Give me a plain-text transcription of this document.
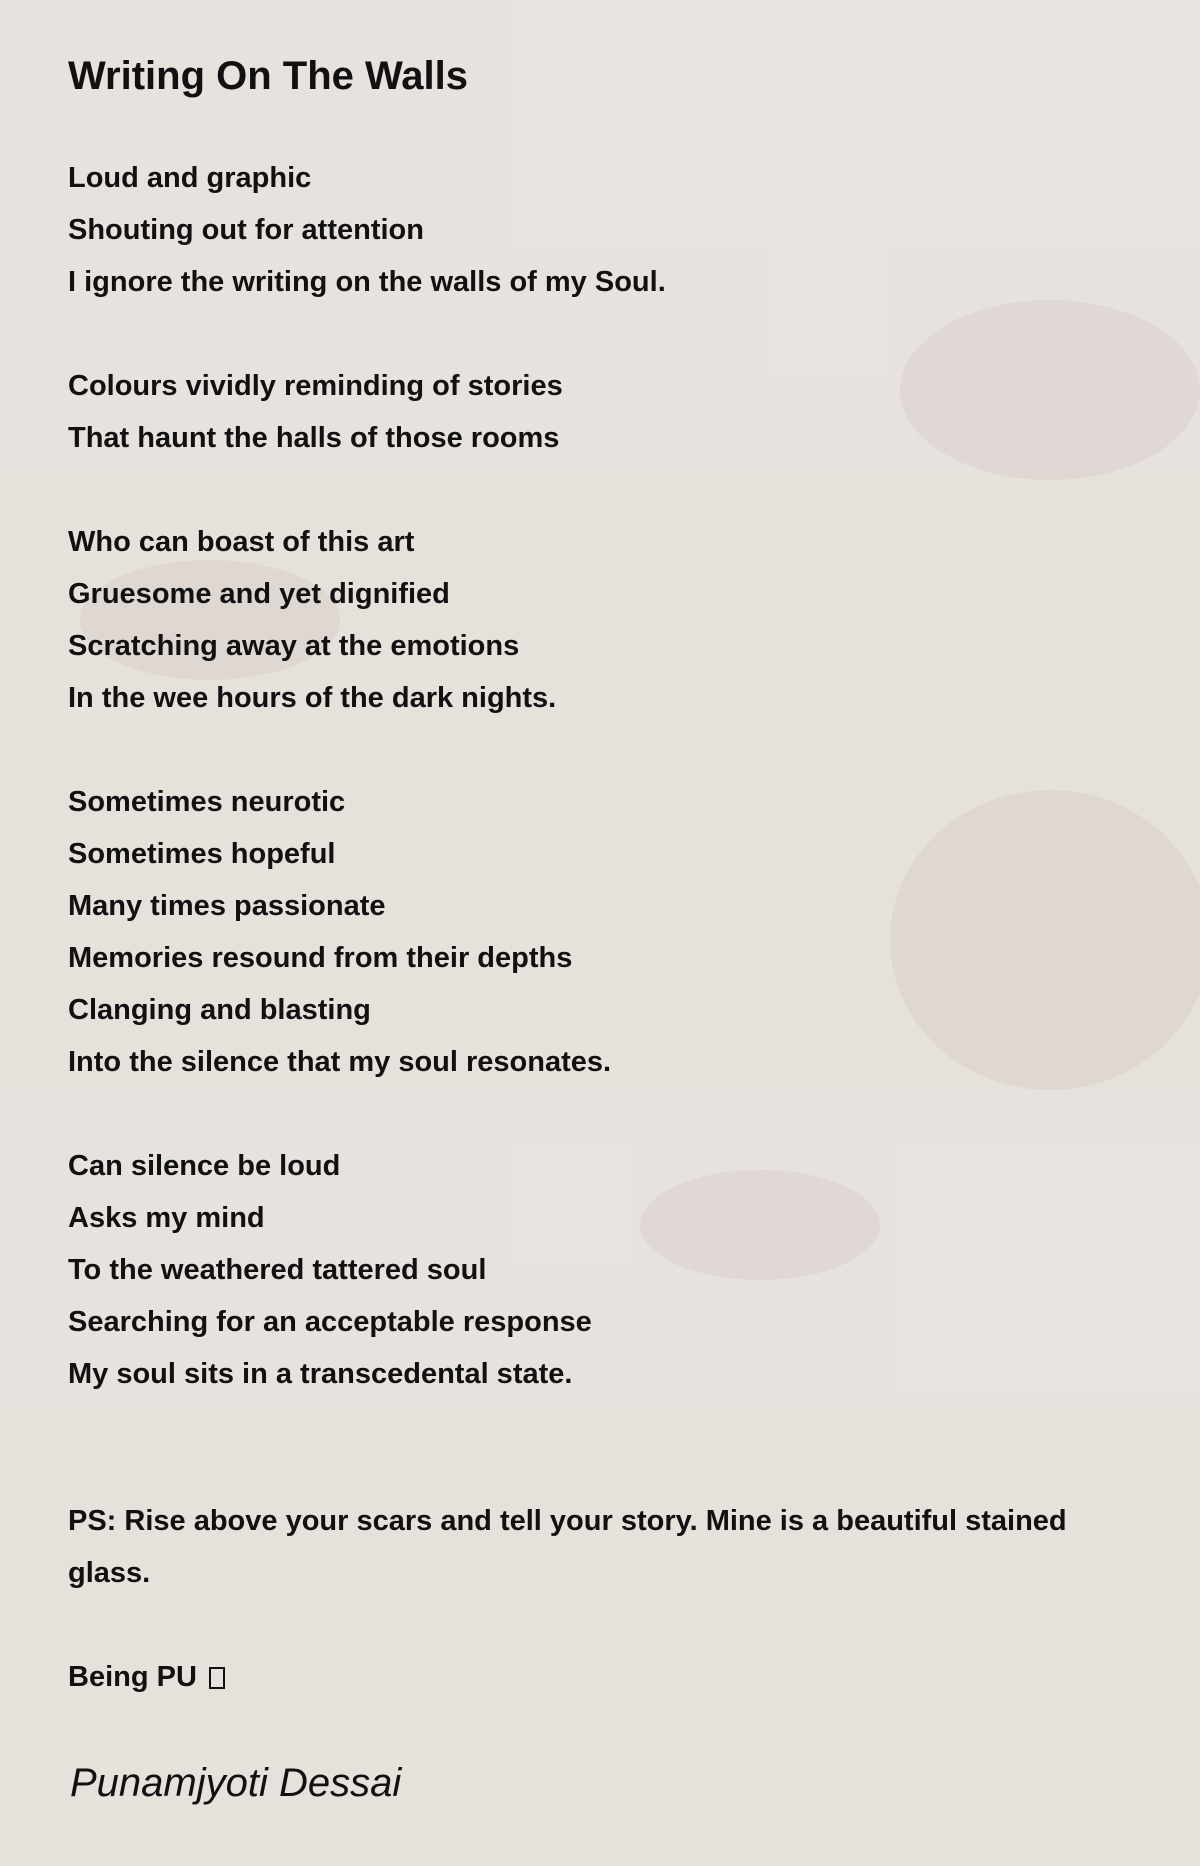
Writing On The Walls
Loud and graphic
Shouting out for attention
I ignore the writing on the walls of my Soul.
Colours vividly reminding of stories
That haunt the halls of those rooms
Who can boast of this art
Gruesome and yet dignified
Scratching away at the emotions
In the wee hours of the dark nights.
Sometimes neurotic
Sometimes hopeful
Many times passionate
Memories resound from their depths
Clanging and blasting
Into the silence that my soul resonates.
Can silence be loud
Asks my mind
To the weathered tattered soul
Searching for an acceptable response
My soul sits in a transcedental state.
PS: Rise above your scars and tell your story. Mine is a beautiful stained glass.
Being PU
Punamjyoti Dessai
